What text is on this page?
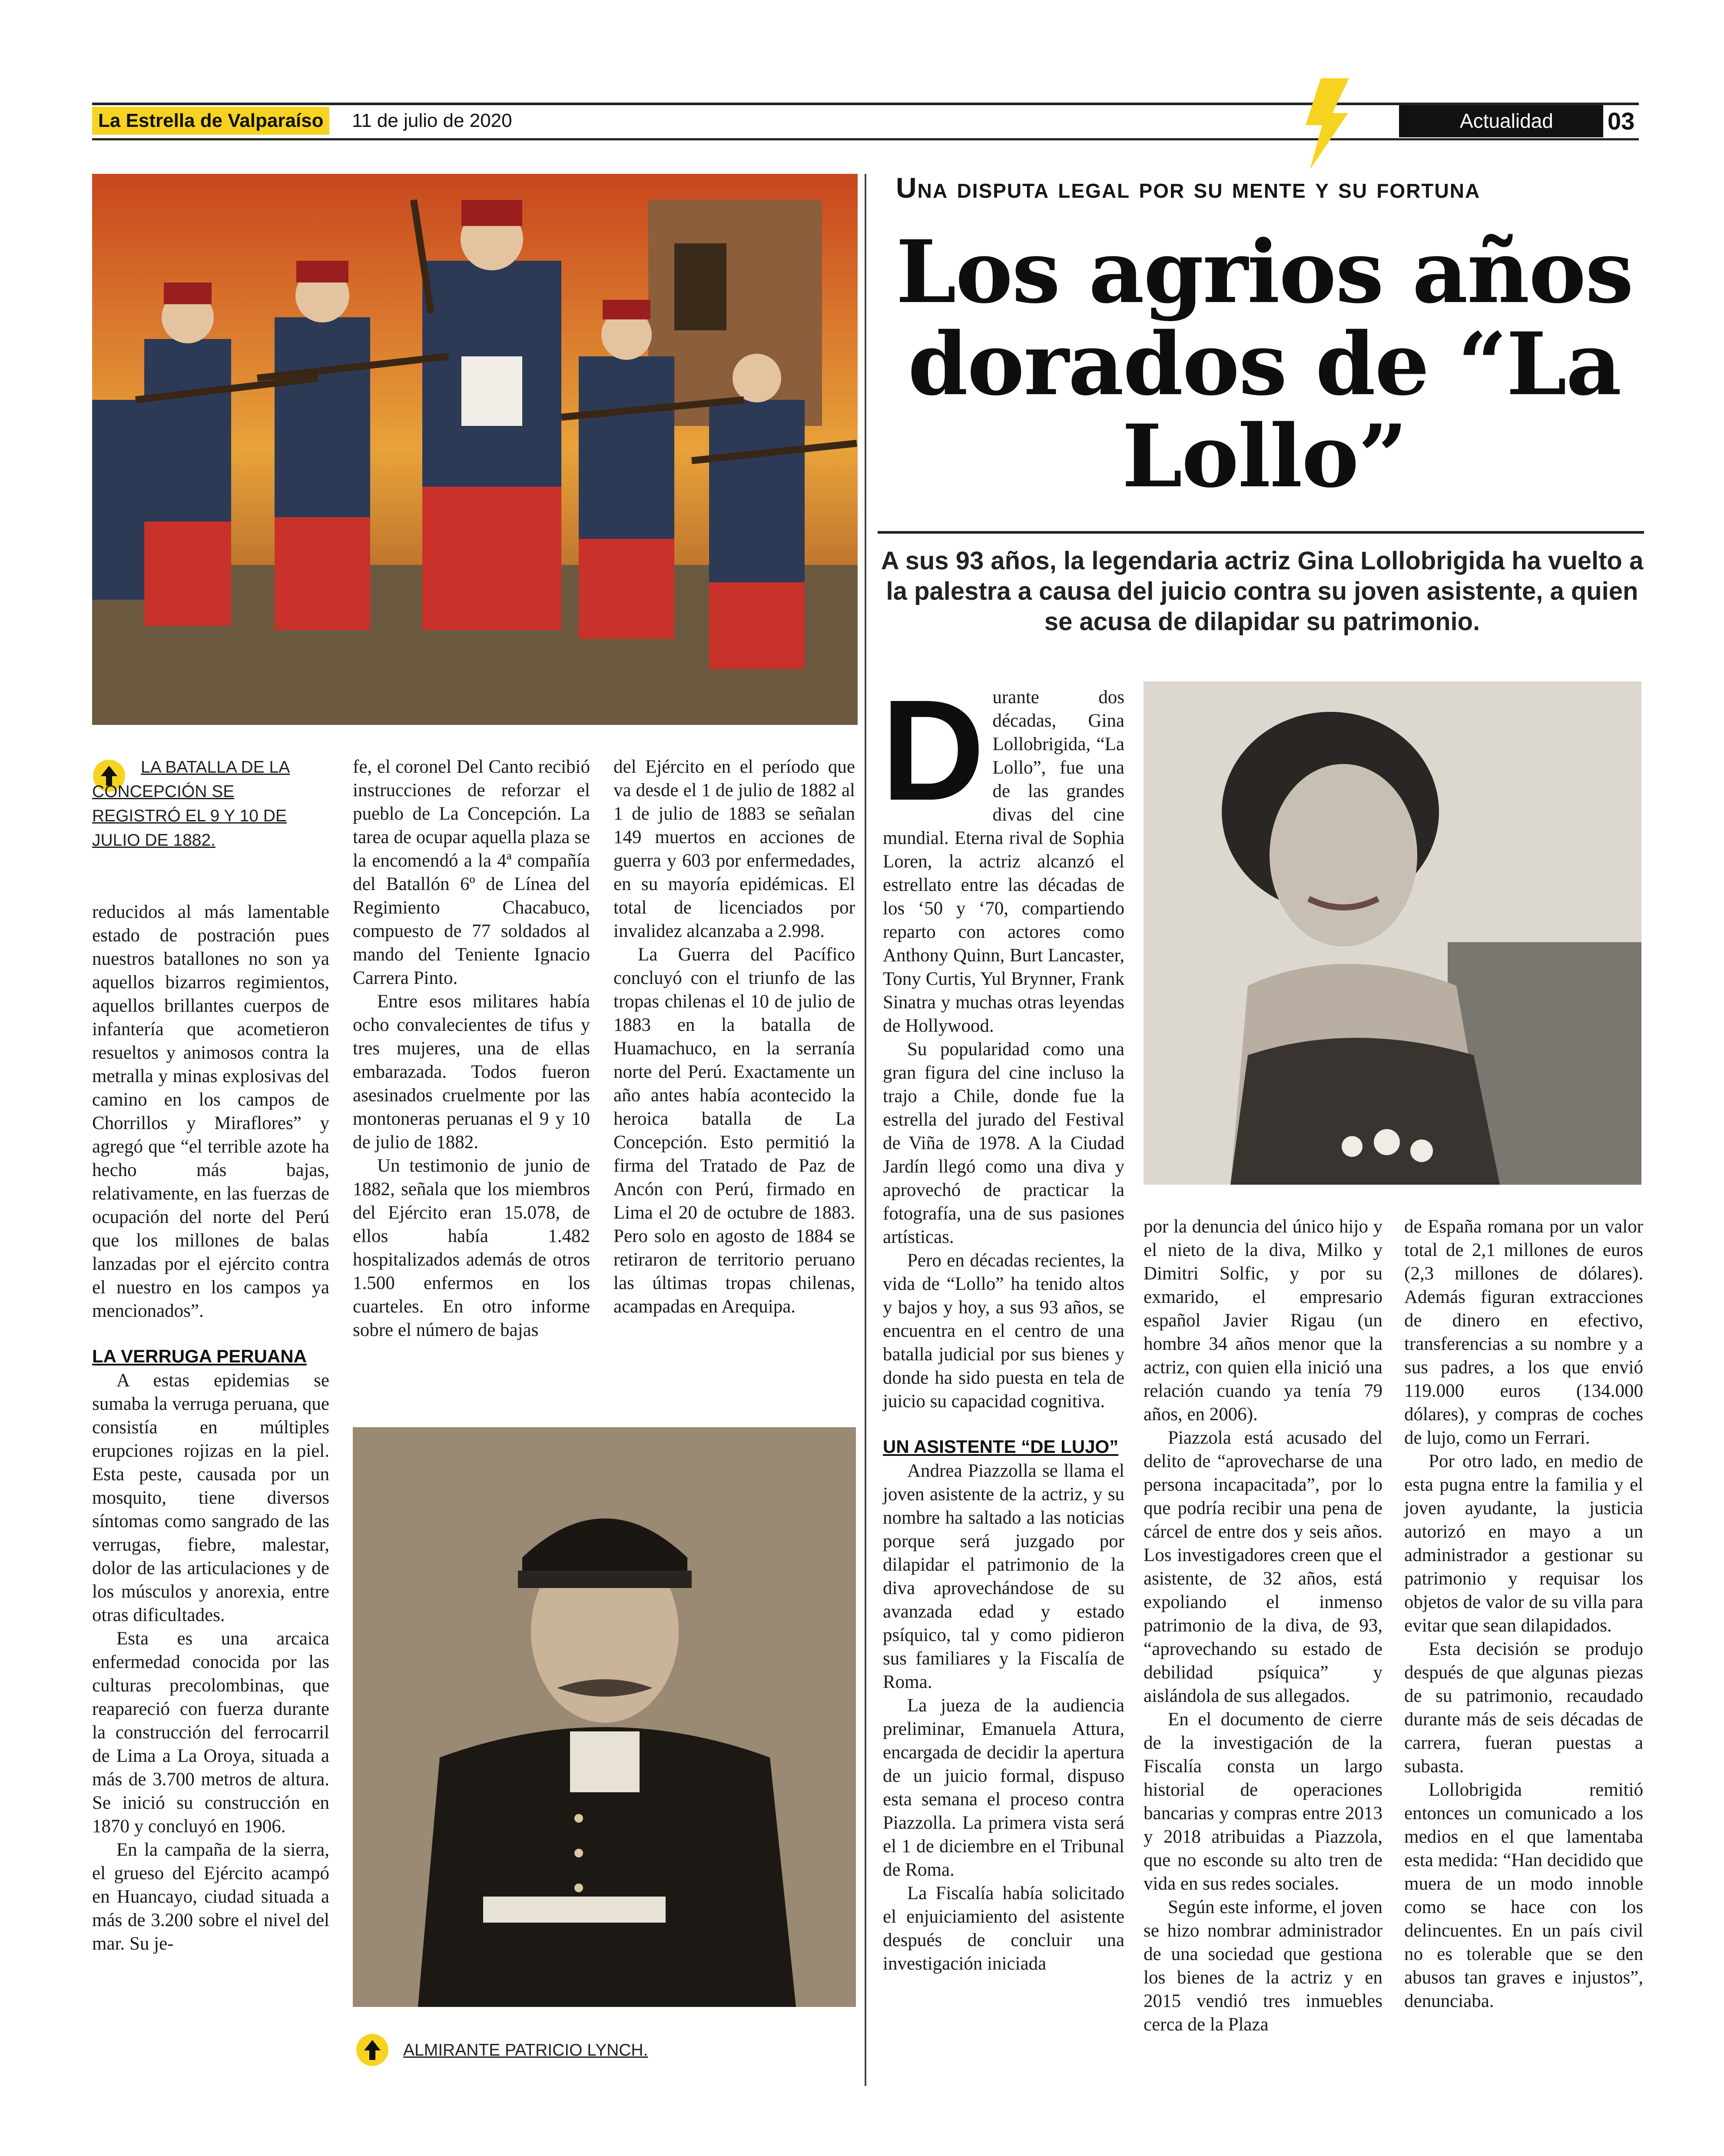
La Estrella de Valparaíso	11 de julio de 2020	Actualidad 03
LA BATALLA DE LA CONCEPCIÓN SE REGISTRÓ EL 9 Y 10 DE JULIO DE 1882.

reducidos al más lamentable estado de postración pues nuestros batallones no son ya aquellos bizarros regimientos, aquellos brillantes cuerpos de infantería que acometieron resueltos y animosos contra la metralla y minas explosivas del camino en los campos de Chorrillos y Miraflores” y agregó que “el terrible azote ha hecho más bajas, relativamente, en las fuerzas de ocupación del norte del Perú que los millones de balas lanzadas por el ejército contra el nuestro en los campos ya mencionados”.

LA VERRUGA PERUANA

A estas epidemias se sumaba la verruga peruana, que consistía en múltiples erupciones rojizas en la piel. Esta peste, causada por un mosquito, tiene diversos síntomas como sangrado de las verrugas, fiebre, malestar, dolor de las articulaciones y de los músculos y anorexia, entre otras dificultades.

Esta es una arcaica enfermedad conocida por las culturas precolombinas, que reapareció con fuerza durante la construcción del ferrocarril de Lima a La Oroya, situada a más de 3.700 metros de altura. Se inició su construcción en 1870 y concluyó en 1906.

En la campaña de la sierra, el grueso del Ejército acampó en Huancayo, ciudad situada a más de 3.200 sobre el nivel del mar. Su je-

fe, el coronel Del Canto recibió instrucciones de reforzar el pueblo de La Concepción. La tarea de ocupar aquella plaza se la encomendó a la 4ª compañía del Batallón 6º de Línea del Regimiento Chacabuco, compuesto de 77 soldados al mando del Teniente Ignacio Carrera Pinto.

Entre esos militares había ocho convalecientes de tifus y tres mujeres, una de ellas embarazada. Todos fueron asesinados cruelmente por las montoneras peruanas el 9 y 10 de julio de 1882.

Un testimonio de junio de 1882, señala que los miembros del Ejército eran 15.078, de ellos había 1.482 hospitalizados además de otros 1.500 enfermos en los cuarteles. En otro informe sobre el número de bajas

del Ejército en el período que va desde el 1 de julio de 1882 al 1 de julio de 1883 se señalan 149 muertos en acciones de guerra y 603 por enfermedades, en su mayoría epidémicas. El total de licenciados por invalidez alcanzaba a 2.998.

La Guerra del Pacífico concluyó con el triunfo de las tropas chilenas el 10 de julio de 1883 en la batalla de Huamachuco, en la serranía norte del Perú. Exactamente un año antes había acontecido la heroica batalla de La Concepción. Esto permitió la firma del Tratado de Paz de Ancón con Perú, firmado en Lima el 20 de octubre de 1883. Pero solo en agosto de 1884 se retiraron de territorio peruano las últimas tropas chilenas, acampadas en Arequipa.

ALMIRANTE PATRICIO LYNCH.
Una disputa legal por su mente y su fortuna
Los agrios años dorados de “La Lollo”
A sus 93 años, la legendaria actriz Gina Lollobrigida ha vuelto a la palestra a causa del juicio contra su joven asistente, a quien se acusa de dilapidar su patrimonio.
D urante dos décadas, Gina Lollobrigida, “La Lollo”, fue una de las grandes divas del cine mundial. Eterna rival de Sophia Loren, la actriz alcanzó el estrellato entre las décadas de los ‘50 y ‘70, compartiendo reparto con actores como Anthony Quinn, Burt Lancaster, Tony Curtis, Yul Brynner, Frank Sinatra y muchas otras leyendas de Hollywood.

Su popularidad como una gran figura del cine incluso la trajo a Chile, donde fue la estrella del jurado del Festival de Viña de 1978. A la Ciudad Jardín llegó como una diva y aprovechó de practicar la fotografía, una de sus pasiones artísticas.

Pero en décadas recientes, la vida de “Lollo” ha tenido altos y bajos y hoy, a sus 93 años, se encuentra en el centro de una batalla judicial por sus bienes y donde ha sido puesta en tela de juicio su capacidad cognitiva.

UN ASISTENTE “DE LUJO”

Andrea Piazzolla se llama el joven asistente de la actriz, y su nombre ha saltado a las noticias porque será juzgado por dilapidar el patrimonio de la diva aprovechándose de su avanzada edad y estado psíquico, tal y como pidieron sus familiares y la Fiscalía de Roma.

La jueza de la audiencia preliminar, Emanuela Attura, encargada de decidir la apertura de un juicio formal, dispuso esta semana el proceso contra Piazzolla. La primera vista será el 1 de diciembre en el Tribunal de Roma.

La Fiscalía había solicitado el enjuiciamiento del asistente después de concluir una investigación iniciada

por la denuncia del único hijo y el nieto de la diva, Milko y Dimitri Solfic, y por su exmarido, el empresario español Javier Rigau (un hombre 34 años menor que la actriz, con quien ella inició una relación cuando ya tenía 79 años, en 2006).

Piazzola está acusado del delito de “aprovecharse de una persona incapacitada”, por lo que podría recibir una pena de cárcel de entre dos y seis años. Los investigadores creen que el asistente, de 32 años, está expoliando el inmenso patrimonio de la diva, de 93, “aprovechando su estado de debilidad psíquica” y aislándola de sus allegados.

En el documento de cierre de la investigación de la Fiscalía consta un largo historial de operaciones bancarias y compras entre 2013 y 2018 atribuidas a Piazzola, que no esconde su alto tren de vida en sus redes sociales.

Según este informe, el joven se hizo nombrar administrador de una sociedad que gestiona los bienes de la actriz y en 2015 vendió tres inmuebles cerca de la Plaza

de España romana por un valor total de 2,1 millones de euros (2,3 millones de dólares). Además figuran extracciones de dinero en efectivo, transferencias a su nombre y a sus padres, a los que envió 119.000 euros (134.000 dólares), y compras de coches de lujo, como un Ferrari.

Por otro lado, en medio de esta pugna entre la familia y el joven ayudante, la justicia autorizó en mayo a un administrador a gestionar su patrimonio y requisar los objetos de valor de su villa para evitar que sean dilapidados.

Esta decisión se produjo después de que algunas piezas de su patrimonio, recaudado durante más de seis décadas de carrera, fueran puestas a subasta.

Lollobrigida remitió entonces un comunicado a los medios en el que lamentaba esta medida: “Han decidido que muera de un modo innoble como se hace con los delincuentes. En un país civil no es tolerable que se den abusos tan graves e injustos”, denunciaba.
